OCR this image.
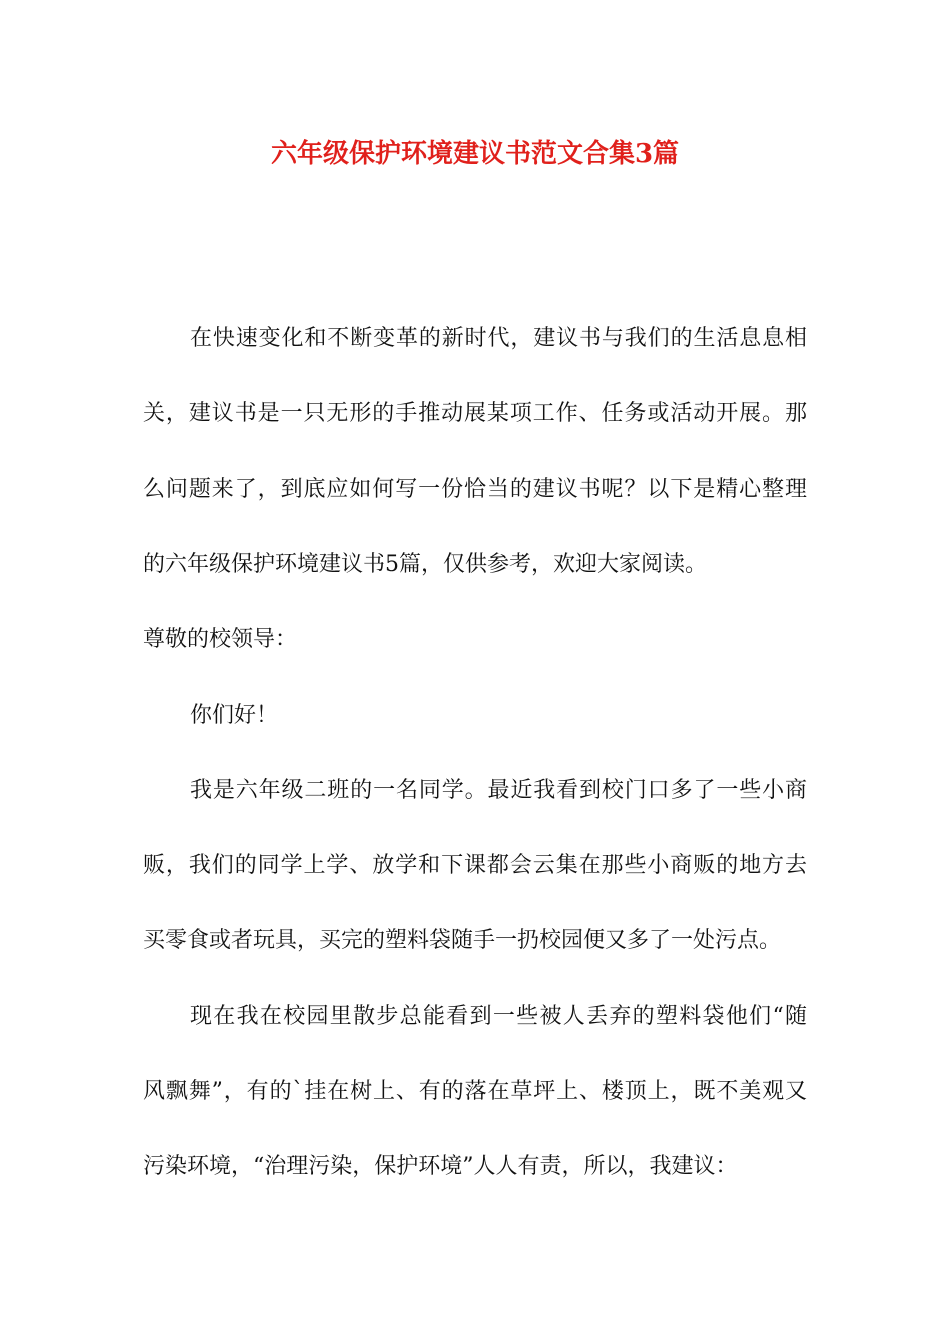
六年级保护环境建议书范文合集3篇
在快速变化和不断变革的新时代，建议书与我们的生活息息相
关，建议书是一只无形的手推动展某项工作、任务或活动开展。那
么问题来了，到底应如何写一份恰当的建议书呢？以下是精心整理
的六年级保护环境建议书5篇，仅供参考，欢迎大家阅读。
尊敬的校领导：
你们好！
我是六年级二班的一名同学。最近我看到校门口多了一些小商
贩，我们的同学上学、放学和下课都会云集在那些小商贩的地方去
买零食或者玩具，买完的塑料袋随手一扔校园便又多了一处污点。
现在我在校园里散步总能看到一些被人丢弃的塑料袋他们“随
风飘舞”，有的`挂在树上、有的落在草坪上、楼顶上，既不美观又
污染环境，“治理污染，保护环境”人人有责，所以，我建议：
